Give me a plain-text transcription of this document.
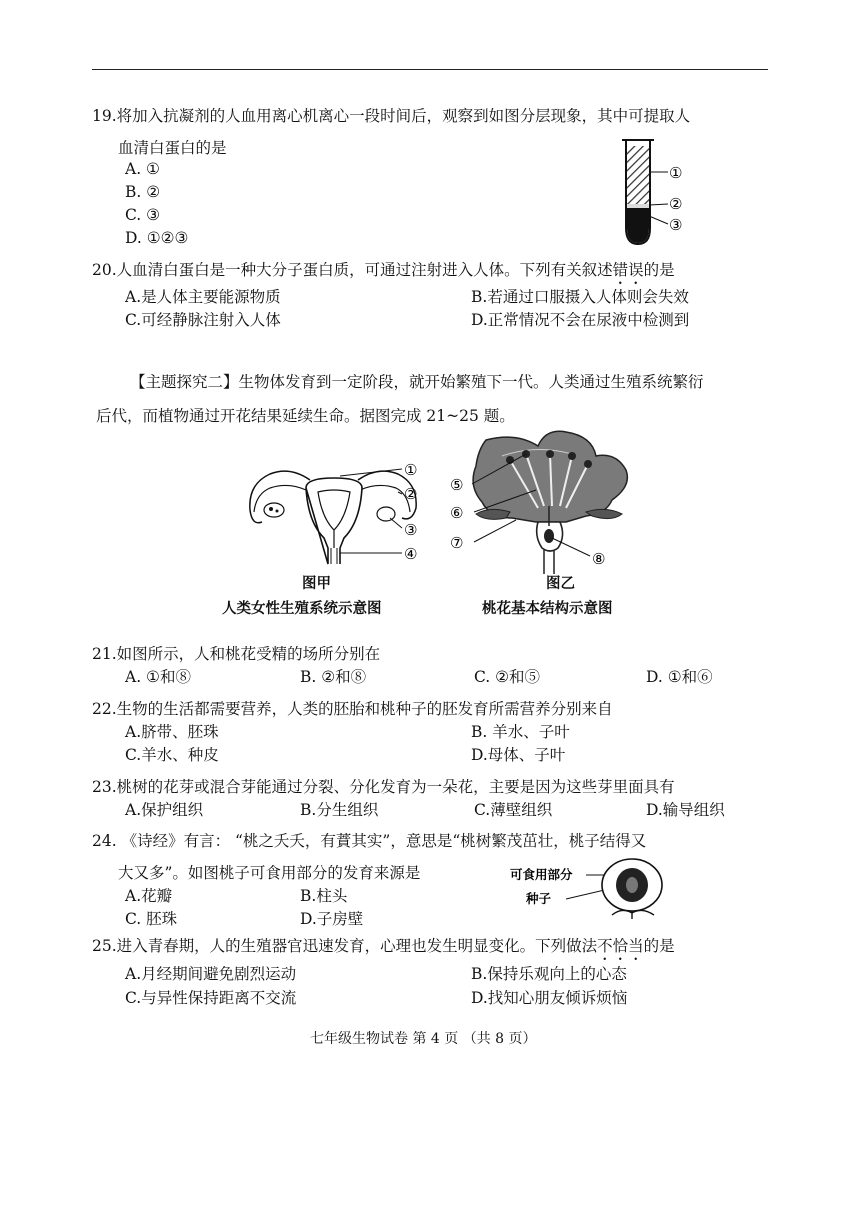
19.将加入抗凝剂的人血用离心机离心一段时间后，观察到如图分层现象，其中可提取人
血清白蛋白的是
A. ①
B. ②
C. ③
D. ①②③
①
②
③
20.人血清白蛋白是一种大分子蛋白质，可通过注射进入人体。下列有关叙述错误的是
A.是人体主要能源物质	B.若通过口服摄入人体则会失效
C.可经静脉注射入人体	D.正常情况不会在尿液中检测到
【主题探究二】生物体发育到一定阶段，就开始繁殖下一代。人类通过生殖系统繁衍
后代，而植物通过开花结果延续生命。据图完成 21~25 题。
①
②
③
④
图甲
人类女性生殖系统示意图
⑤
⑥
⑦
⑧
图乙
桃花基本结构示意图
21.如图所示，人和桃花受精的场所分别在
A. ①和⑧	B. ②和⑧	C. ②和⑤	D. ①和⑥
22.生物的生活都需要营养，人类的胚胎和桃种子的胚发育所需营养分别来自
A.脐带、胚珠	B. 羊水、子叶
C.羊水、种皮	D.母体、子叶
23.桃树的花芽或混合芽能通过分裂、分化发育为一朵花，主要是因为这些芽里面具有
A.保护组织	B.分生组织	C.薄壁组织	D.输导组织
24. 《诗经》有言： “桃之夭夭，有蕡其实”，意思是“桃树繁茂茁壮，桃子结得又
大又多”。如图桃子可食用部分的发育来源是
A.花瓣	B.柱头
C. 胚珠	D.子房壁
可食用部分
种子
25.进入青春期，人的生殖器官迅速发育，心理也发生明显变化。下列做法不恰当的是
A.月经期间避免剧烈运动	B.保持乐观向上的心态
C.与异性保持距离不交流	D.找知心朋友倾诉烦恼
七年级生物试卷 第 4 页 （共 8 页）
